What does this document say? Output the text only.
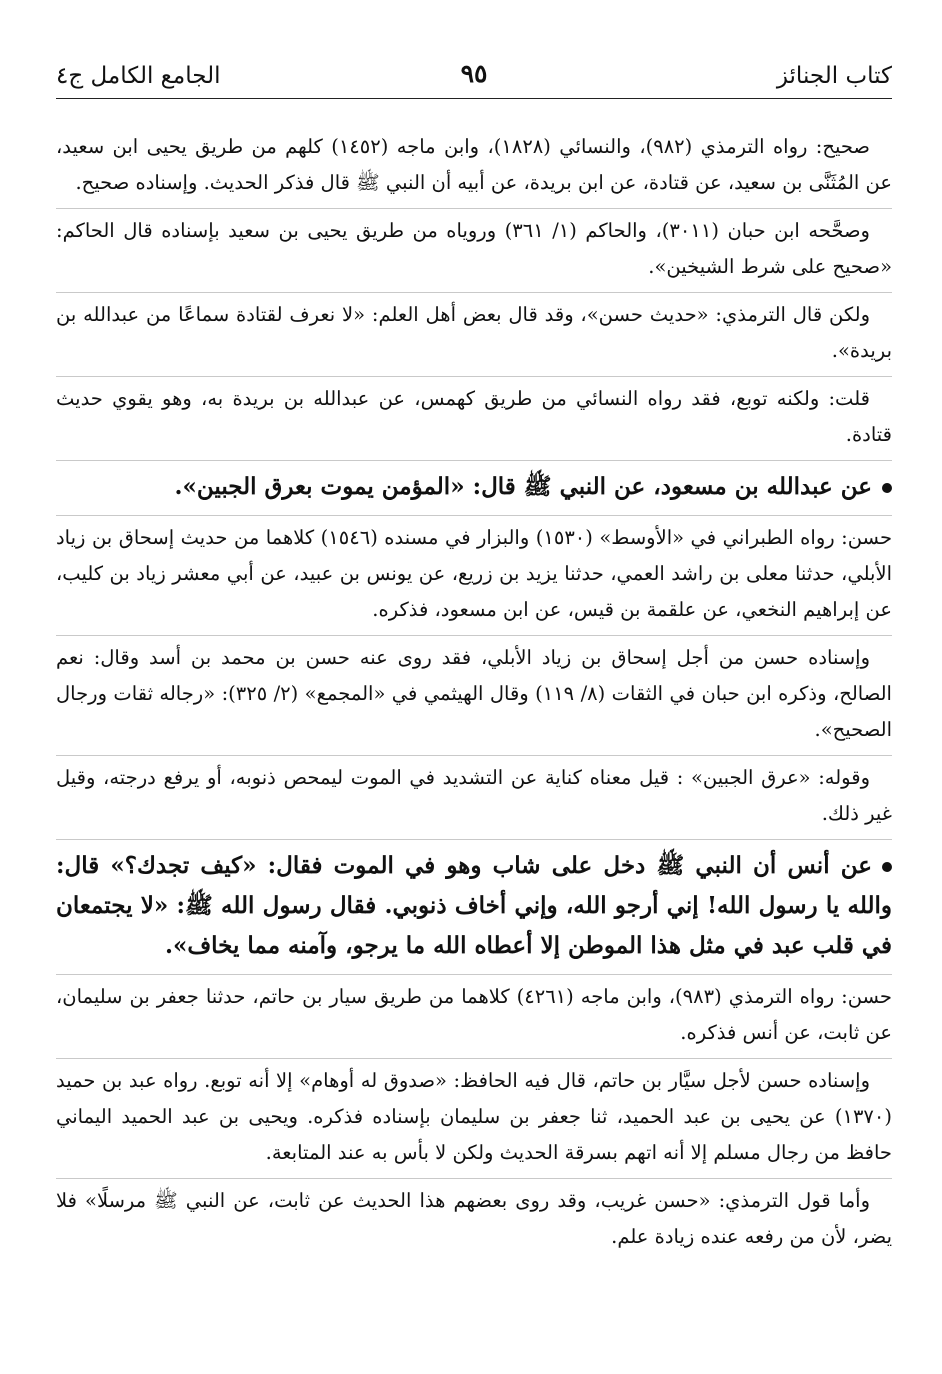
كتاب الجنائز
٩٥
الجامع الكامل ج٤

صحيح: رواه الترمذي (٩٨٢)، والنسائي (١٨٢٨)، وابن ماجه (١٤٥٢) كلهم من طريق يحيى ابن سعيد، عن المُثَنَّى بن سعيد، عن قتادة، عن ابن بريدة، عن أبيه أن النبي ﷺ قال فذكر الحديث. وإسناده صحيح.

وصحَّحه ابن حبان (٣٠١١)، والحاكم (١/ ٣٦١) وروياه من طريق يحيى بن سعيد بإسناده قال الحاكم: «صحيح على شرط الشيخين».

ولكن قال الترمذي: «حديث حسن»، وقد قال بعض أهل العلم: «لا نعرف لقتادة سماعًا من عبدالله بن بريدة».

قلت: ولكنه توبع، فقد رواه النسائي من طريق كهمس، عن عبدالله بن بريدة به، وهو يقوي حديث قتادة.

عن عبدالله بن مسعود، عن النبي ﷺ قال: «المؤمن يموت بعرق الجبين».

حسن: رواه الطبراني في «الأوسط» (١٥٣٠) والبزار في مسنده (١٥٤٦) كلاهما من حديث إسحاق بن زياد الأبلي، حدثنا معلى بن راشد العمي، حدثنا يزيد بن زريع، عن يونس بن عبيد، عن أبي معشر زياد بن كليب، عن إبراهيم النخعي، عن علقمة بن قيس، عن ابن مسعود، فذكره.

وإسناده حسن من أجل إسحاق بن زياد الأبلي، فقد روى عنه حسن بن محمد بن أسد وقال: نعم الصالح، وذكره ابن حبان في الثقات (٨/ ١١٩) وقال الهيثمي في «المجمع» (٢/ ٣٢٥): «رجاله ثقات ورجال الصحيح».

وقوله: «عرق الجبين» : قيل معناه كناية عن التشديد في الموت ليمحص ذنوبه، أو يرفع درجته، وقيل غير ذلك.

عن أنس أن النبي ﷺ دخل على شاب وهو في الموت فقال: «كيف تجدك؟» قال: والله يا رسول الله! إني أرجو الله، وإني أخاف ذنوبي. فقال رسول الله ﷺ: «لا يجتمعان في قلب عبد في مثل هذا الموطن إلا أعطاه الله ما يرجو، وآمنه مما يخاف».

حسن: رواه الترمذي (٩٨٣)، وابن ماجه (٤٢٦١) كلاهما من طريق سيار بن حاتم، حدثنا جعفر بن سليمان، عن ثابت، عن أنس فذكره.

وإسناده حسن لأجل سيَّار بن حاتم، قال فيه الحافظ: «صدوق له أوهام» إلا أنه توبع. رواه عبد بن حميد (١٣٧٠) عن يحيى بن عبد الحميد، ثنا جعفر بن سليمان بإسناده فذكره. ويحيى بن عبد الحميد اليماني حافظ من رجال مسلم إلا أنه اتهم بسرقة الحديث ولكن لا بأس به عند المتابعة.

وأما قول الترمذي: «حسن غريب، وقد روى بعضهم هذا الحديث عن ثابت، عن النبي ﷺ مرسلًا» فلا يضر، لأن من رفعه عنده زيادة علم.
